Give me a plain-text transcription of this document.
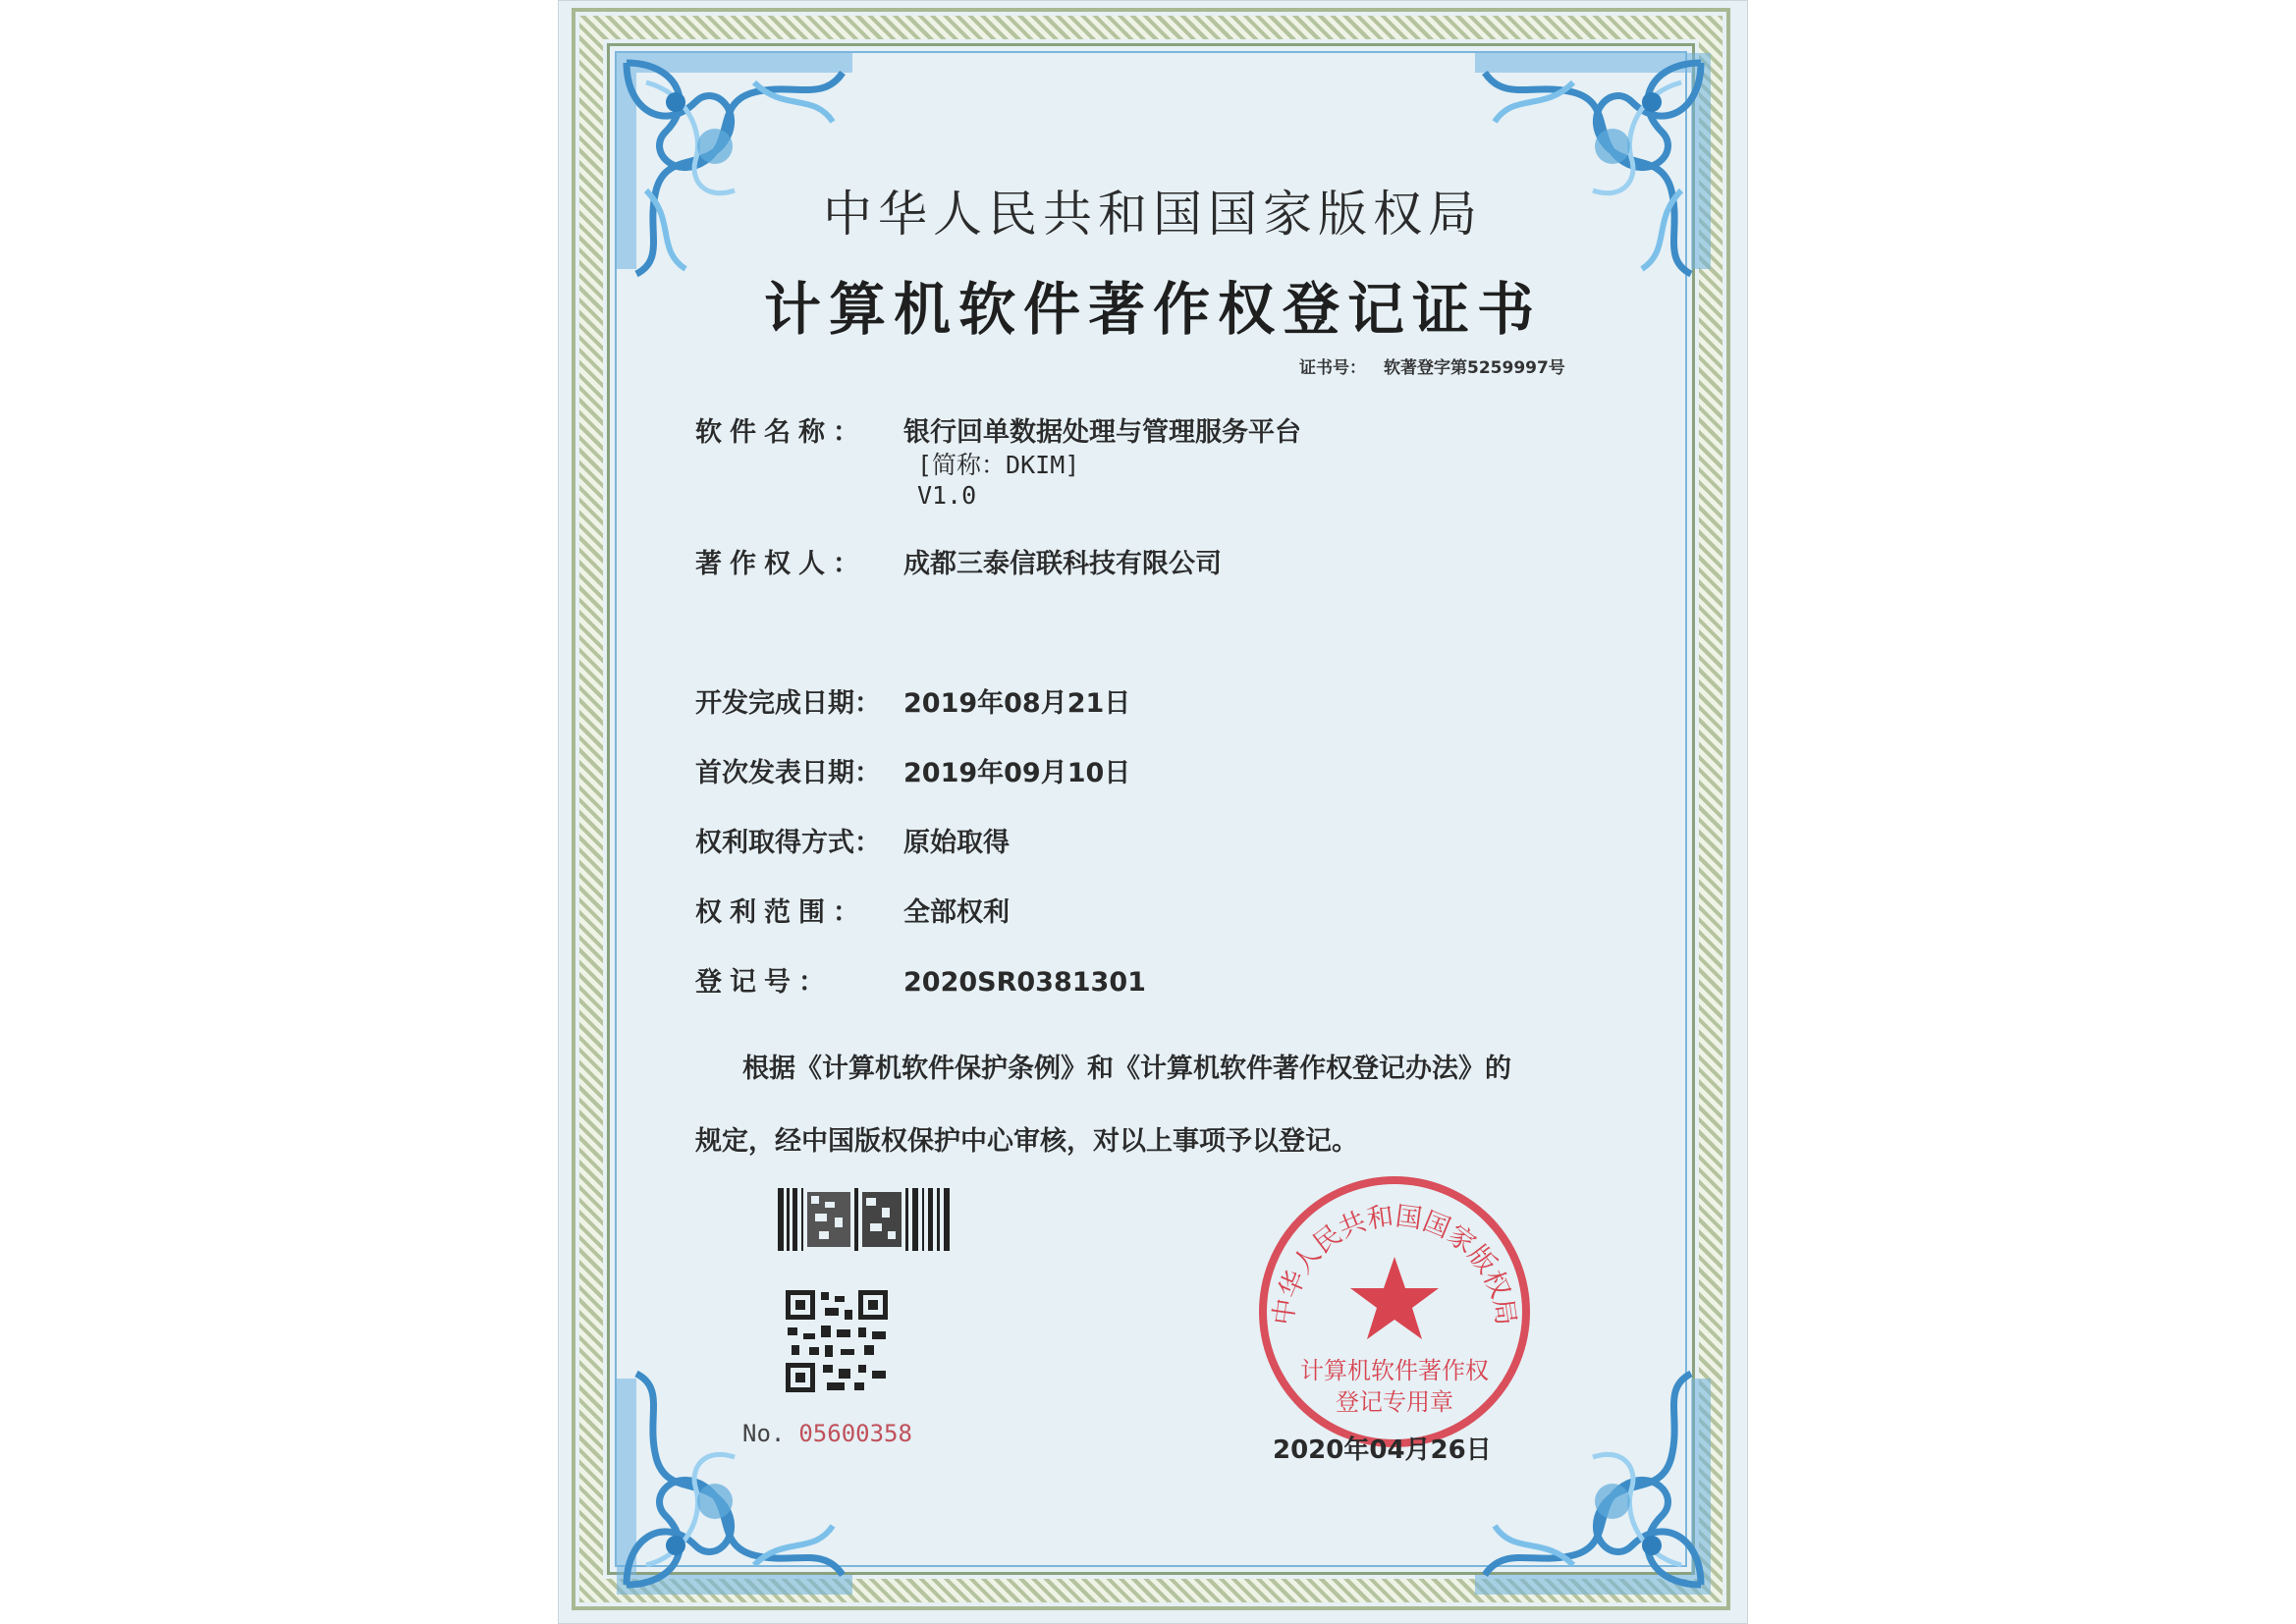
中华人民共和国国家版权局
计算机软件著作权登记证书
证书号： 软著登字第5259997号
软件名称： 银行回单数据处理与管理服务平台
[简称：DKIM]
V1.0
著作权人： 成都三泰信联科技有限公司
开发完成日期： 2019年08月21日
首次发表日期： 2019年09月10日
权利取得方式： 原始取得
权利范围： 全部权利
登记号：	2020SR0381301
根据《计算机软件保护条例》和《计算机软件著作权登记办法》的
规定，经中国版权保护中心审核，对以上事项予以登记。
No. 05600358
中华人民共和国国家版权局
计算机软件著作权
登记专用章
2020年04月26日
